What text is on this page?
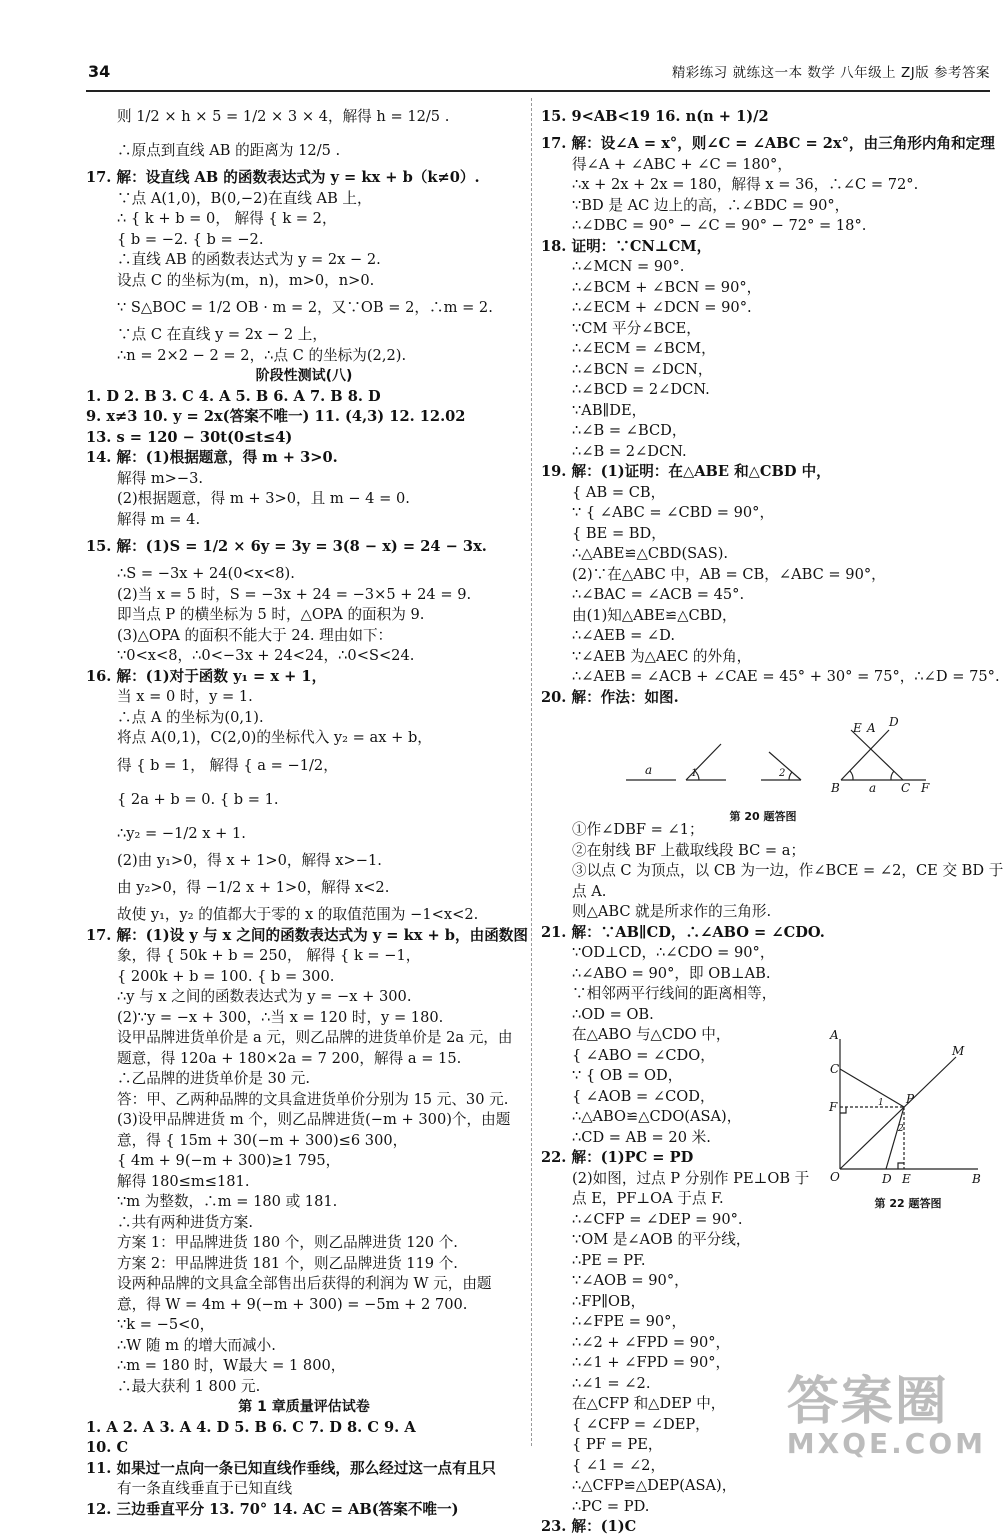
34	精彩练习 就练这一本 数学 八年级上 ZJ版 参考答案
则 1/2 × h × 5 = 1/2 × 3 × 4，解得 h = 12/5 .
∴原点到直线 AB 的距离为 12/5 .
17. 解：设直线 AB 的函数表达式为 y = kx + b（k≠0）.
∵点 A(1,0)，B(0,−2)在直线 AB 上，
∴ { k + b = 0， 解得 { k = 2，
{ b = −2. { b = −2.
∴直线 AB 的函数表达式为 y = 2x − 2.
设点 C 的坐标为(m，n)，m>0，n>0.
∵ S△BOC = 1/2 OB · m = 2，又∵OB = 2，∴m = 2.
∵点 C 在直线 y = 2x − 2 上，
∴n = 2×2 − 2 = 2，∴点 C 的坐标为(2,2).
阶段性测试(八)
1. D 2. B 3. C 4. A 5. B 6. A 7. B 8. D
9. x≠3 10. y = 2x(答案不唯一) 11. (4,3) 12. 12.02
13. s = 120 − 30t(0≤t≤4)
14. 解：(1)根据题意，得 m + 3>0.
解得 m>−3.
(2)根据题意，得 m + 3>0，且 m − 4 = 0.
解得 m = 4.
15. 解：(1)S = 1/2 × 6y = 3y = 3(8 − x) = 24 − 3x.
∴S = −3x + 24(0<x<8).
(2)当 x = 5 时，S = −3x + 24 = −3×5 + 24 = 9.
即当点 P 的横坐标为 5 时，△OPA 的面积为 9.
(3)△OPA 的面积不能大于 24. 理由如下：
∵0<x<8，∴0<−3x + 24<24，∴0<S<24.
16. 解：(1)对于函数 y₁ = x + 1，
当 x = 0 时，y = 1.
∴点 A 的坐标为(0,1).
将点 A(0,1)，C(2,0)的坐标代入 y₂ = ax + b，
得 { b = 1， 解得 { a = −1/2，
{ 2a + b = 0. { b = 1.
∴y₂ = −1/2 x + 1.
(2)由 y₁>0，得 x + 1>0，解得 x>−1.
由 y₂>0，得 −1/2 x + 1>0，解得 x<2.
故使 y₁，y₂ 的值都大于零的 x 的取值范围为 −1<x<2.
17. 解：(1)设 y 与 x 之间的函数表达式为 y = kx + b，由函数图
象，得 { 50k + b = 250， 解得 { k = −1，
{ 200k + b = 100. { b = 300.
∴y 与 x 之间的函数表达式为 y = −x + 300.
(2)∵y = −x + 300，∴当 x = 120 时，y = 180.
设甲品牌进货单价是 a 元，则乙品牌的进货单价是 2a 元，由
题意，得 120a + 180×2a = 7 200，解得 a = 15.
∴乙品牌的进货单价是 30 元.
答：甲、乙两种品牌的文具盒进货单价分别为 15 元、30 元.
(3)设甲品牌进货 m 个，则乙品牌进货(−m + 300)个，由题
意，得 { 15m + 30(−m + 300)≤6 300，
{ 4m + 9(−m + 300)≥1 795，
解得 180≤m≤181.
∵m 为整数，∴m = 180 或 181.
∴共有两种进货方案.
方案 1：甲品牌进货 180 个，则乙品牌进货 120 个.
方案 2：甲品牌进货 181 个，则乙品牌进货 119 个.
设两种品牌的文具盒全部售出后获得的利润为 W 元，由题
意，得 W = 4m + 9(−m + 300) = −5m + 2 700.
∵k = −5<0，
∴W 随 m 的增大而减小.
∴m = 180 时，W最大 = 1 800，
∴最大获利 1 800 元.
第 1 章质量评估试卷
1. A 2. A 3. A 4. D 5. B 6. C 7. D 8. C 9. A
10. C
11. 如果过一点向一条已知直线作垂线，那么经过这一点有且只
有一条直线垂直于已知直线
12. 三边垂直平分 13. 70° 14. AC = AB(答案不唯一)
15. 9<AB<19 16. n(n + 1)/2
17. 解：设∠A = x°，则∠C = ∠ABC = 2x°，由三角形内角和定理
得∠A + ∠ABC + ∠C = 180°，
∴x + 2x + 2x = 180，解得 x = 36，∴∠C = 72°.
∵BD 是 AC 边上的高，∴∠BDC = 90°，
∴∠DBC = 90° − ∠C = 90° − 72° = 18°.
18. 证明：∵CN⊥CM，
∴∠MCN = 90°.
∴∠BCM + ∠BCN = 90°，
∴∠ECM + ∠DCN = 90°.
∵CM 平分∠BCE，
∴∠ECM = ∠BCM，
∴∠BCN = ∠DCN，
∴∠BCD = 2∠DCN.
∵AB∥DE，
∴∠B = ∠BCD，
∴∠B = 2∠DCN.
19. 解：(1)证明：在△ABE 和△CBD 中，
{ AB = CB，
∵ { ∠ABC = ∠CBD = 90°，
{ BE = BD，
∴△ABE≌△CBD(SAS).
(2)∵在△ABC 中，AB = CB，∠ABC = 90°，
∴∠BAC = ∠ACB = 45°.
由(1)知△ABE≌△CBD，
∴∠AEB = ∠D.
∵∠AEB 为△AEC 的外角，
∴∠AEB = ∠ACB + ∠CAE = 45° + 30° = 75°，∴∠D = 75°.
20. 解：作法：如图.
a	1	2
E A D
B a C F
第 20 题答图
①作∠DBF = ∠1；
②在射线 BF 上截取线段 BC = a；
③以点 C 为顶点，以 CB 为一边，作∠BCE = ∠2，CE 交 BD 于
点 A.
则△ABC 就是所求作的三角形.
21. 解：∵AB∥CD，∴∠ABO = ∠CDO.
∵OD⊥CD，∴∠CDO = 90°，
∴∠ABO = 90°，即 OB⊥AB.
∵相邻两平行线间的距离相等，
∴OD = OB.
在△ABO 与△CDO 中，
{ ∠ABO = ∠CDO，
∵ { OB = OD，
{ ∠AOB = ∠COD，
∴△ABO≌△CDO(ASA)，
∴CD = AB = 20 米.
22. 解：(1)PC = PD
(2)如图，过点 P 分别作 PE⊥OB 于
点 E，PF⊥OA 于点 F.
∴∠CFP = ∠DEP = 90°.
∵OM 是∠AOB 的平分线，
∴PE = PF.
∵∠AOB = 90°，
∴FP∥OB，
∴∠FPE = 90°，
∴∠2 + ∠FPD = 90°，
∴∠1 + ∠FPD = 90°，
∴∠1 = ∠2.
在△CFP 和△DEP 中，
{ ∠CFP = ∠DEP，
{ PF = PE，
{ ∠1 = ∠2，
∴△CFP≌△DEP(ASA)，
∴PC = PD.
23. 解：(1)C
A
M
C
P
F	1
2
O	D E	B
第 22 题答图
答案圈
MXQE.COM
